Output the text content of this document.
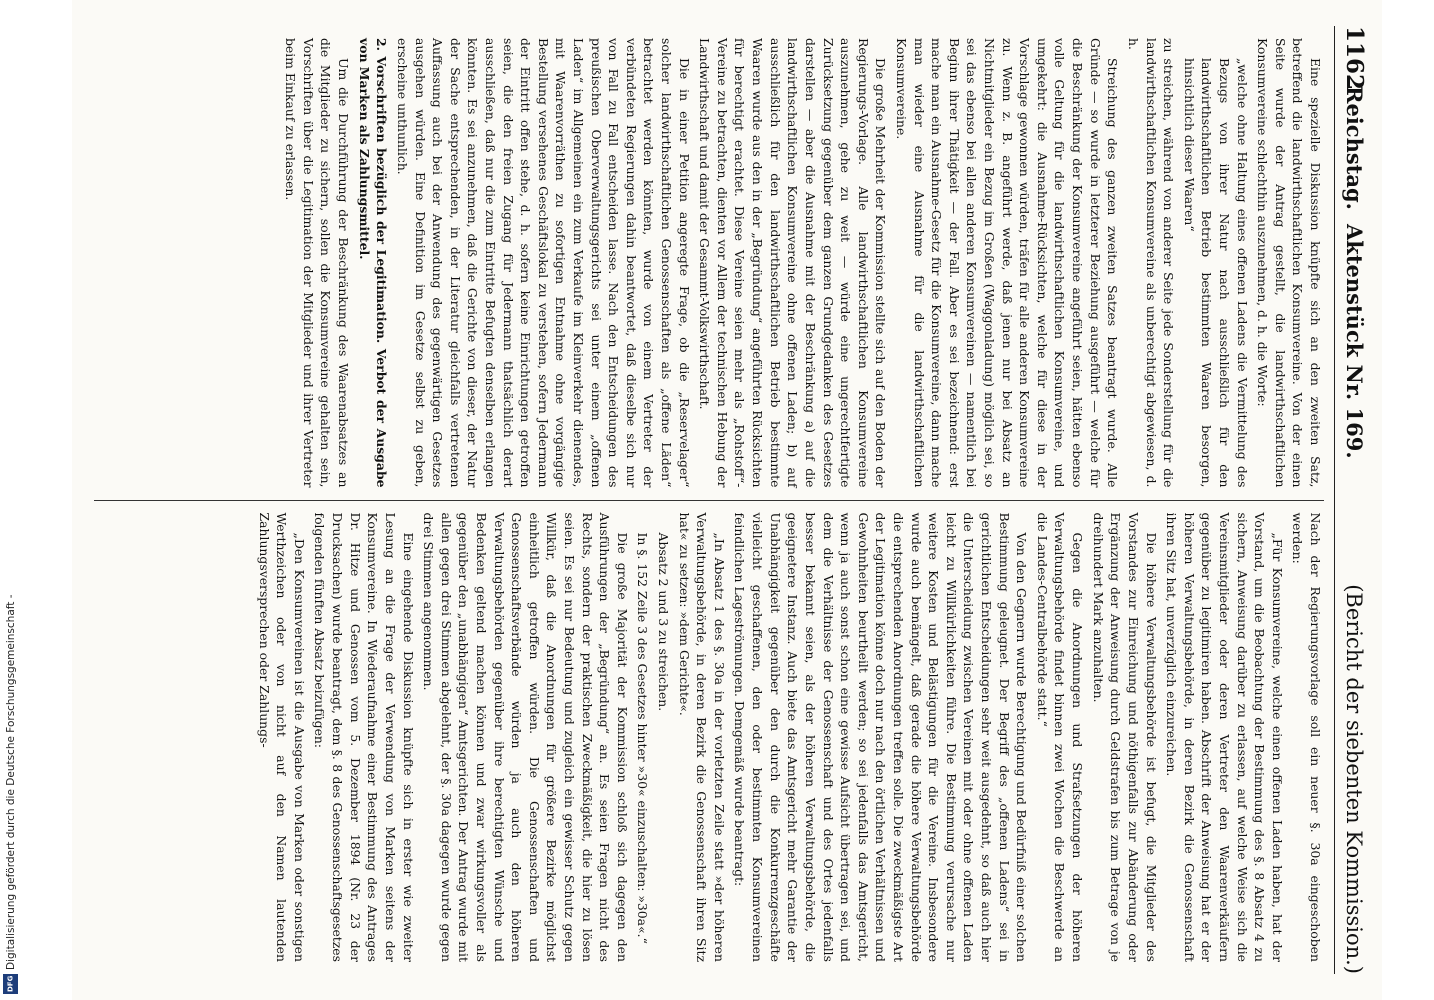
Digitalisierung gefördert durch die Deutsche Forschungsgemeinschaft -
DFG
1162
Reichstag.
Aktenstück Nr. 169.
(Bericht der siebenten Kommission.)

Eine spezielle Diskussion knüpfte sich an den zweiten Satz, betreffend die landwirthschaftlichen Konsumvereine. Von der einen Seite wurde der Antrag gestellt, die landwirthschaftlichen Konsumvereine schlechthin auszunehmen, d. h. die Worte:

„welche ohne Haltung eines offenen Ladens die Vermittelung des Bezugs von ihrer Natur nach ausschließlich für den landwirthschaftlichen Betrieb bestimmten Waaren besorgen, hinsichtlich dieser Waaren“

zu streichen, während von anderer Seite jede Sonderstellung für die landwirthschaftlichen Konsumvereine als unberechtigt abgewiesen, d. h.

Streichung des ganzen zweiten Satzes beantragt wurde. Alle Gründe — so wurde in letzterer Beziehung ausgeführt — welche für die Beschränkung der Konsumvereine angeführt seien, hätten ebenso volle Geltung für die landwirthschaftlichen Konsumvereine, und umgekehrt: die Ausnahme-Rücksichten, welche für diese in der Vorschlage gewonnen würden, träfen für alle anderen Konsumvereine zu. Wenn z. B. angeführt werde, daß jenen nur bei Absatz an Nichtmitglieder ein Bezug im Großen (Waggonladung) möglich sei, so sei das ebenso bei allen anderen Konsumvereinen — namentlich bei Beginn ihrer Thätigkeit — der Fall. Aber es sei bezeichnend: erst mache man ein Ausnahme-Gesetz für die Konsumvereine, dann mache man wieder eine Ausnahme für die landwirthschaftlichen Konsumvereine.

Die große Mehrheit der Kommission stellte sich auf den Boden der Regierungs-Vorlage. Alle landwirthschaftlichen Konsumvereine auszunehmen, gehe zu weit — würde eine ungerechtfertigte Zurücksetzung gegenüber dem ganzen Grundgedanken des Gesetzes darstellen — aber die Ausnahme mit der Beschränkung a) auf die landwirthschaftlichen Konsumvereine ohne offenen Laden; b) auf ausschließlich für den landwirthschaftlichen Betrieb bestimmte Waaren wurde aus den in der „Begründung“ angeführten Rücksichten für berechtigt erachtet. Diese Vereine seien mehr als „Rohstoff“-Vereine zu betrachten, dienten vor Allem der technischen Hebung der Landwirthschaft und damit der Gesammt-Volkswirthschaft.

Die in einer Petition angeregte Frage, ob die „Reservelager“ solcher landwirthschaftlichen Genossenschaften als „offene Läden“ betrachtet werden könnten, wurde von einem Vertreter der verbündeten Regierungen dahin beantwortet, daß dieselbe sich nur von Fall zu Fall entscheiden lasse. Nach den Entscheidungen des preußischen Oberverwaltungsgerichts sei unter einem „offenen Laden“ im Allgemeinen ein zum Verkaufe im Kleinverkehr dienendes, mit Waarenvorräthen zu sofortigen Entnahme ohne vorgängige Bestellung versehenes Geschäftslokal zu verstehen, sofern Jedermann der Eintritt offen stehe, d. h. sofern keine Einrichtungen getroffen seien, die den freien Zugang für Jedermann thatsächlich derart ausschließen, daß nur die zum Eintritte Befugten denselben erlangen könnten. Es sei anzunehmen, daß die Gerichte von dieser, der Natur der Sache entsprechenden, in der Literatur gleichfalls vertretenen Auffassung auch bei der Anwendung des gegenwärtigen Gesetzes ausgehen würden. Eine Definition im Gesetze selbst zu geben, erscheine unthunlich.

2. Vorschriften bezüglich der Legitimation. Verbot der Ausgabe von Marken als Zahlungsmittel.

Um die Durchführung der Beschränkung des Waarenabsatzes an die Mitglieder zu sichern, sollen die Konsumvereine gehalten sein, Vorschriften über die Legitimation der Mitglieder und ihrer Vertreter beim Einkauf zu erlassen.

Nach der Regierungsvorlage soll ein neuer §. 30a eingeschoben werden:

„Für Konsumvereine, welche einen offenen Laden haben, hat der Vorstand, um die Beobachtung der Bestimmung des §. 8 Absatz 4 zu sichern, Anweisung darüber zu erlassen, auf welche Weise sich die Vereinsmitglieder oder deren Vertreter den Waarenverkäufern gegenüber zu legitimiren haben. Abschrift der Anweisung hat er der höheren Verwaltungsbehörde, in deren Bezirk die Genossenschaft ihren Sitz hat, unverzüglich einzureichen.

Die höhere Verwaltungsbehörde ist befugt, die Mitglieder des Vorstandes zur Einreichung und nöthigenfalls zur Abänderung oder Ergänzung der Anweisung durch Geldstrafen bis zum Betrage von je dreihundert Mark anzuhalten.

Gegen die Anordnungen und Strafsetzungen der höheren Verwaltungsbehörde findet binnen zwei Wochen die Beschwerde an die Landes-Centralbehörde statt.“

Von den Gegnern wurde Berechtigung und Bedürfniß einer solchen Bestimmung geleugnet. Der Begriff des „offenen Ladens“ sei in gerichtlichen Entscheidungen sehr weit ausgedehnt, so daß auch hier die Unterscheidung zwischen Vereinen mit oder ohne offenen Laden leicht zu Willkürlichkeiten führe. Die Bestimmung verursache nur weitere Kosten und Belästigungen für die Vereine. Insbesondere wurde auch bemängelt, daß gerade die höhere Verwaltungsbehörde die entsprechenden Anordnungen treffen solle. Die zweckmäßigste Art der Legitimation könne doch nur nach den örtlichen Verhältnissen und Gewohnheiten beurtheilt werden; so sei jedenfalls das Amtsgericht, wenn ja auch sonst schon eine gewisse Aufsicht übertragen sei, und dem die Verhältnisse der Genossenschaft und des Ortes jedenfalls besser bekannt seien, als der höheren Verwaltungsbehörde, die geeignetere Instanz. Auch biete das Amtsgericht mehr Garantie der Unabhängigkeit gegenüber den durch die Konkurrenzgeschäfte vielleicht geschaffenen, den oder bestimmten Konsumvereinen feindlichen Lageströmungen. Demgemäß wurde beantragt:

„In Absatz 1 des §. 30a in der vorletzten Zeile statt »der höheren Verwaltungsbehörde, in deren Bezirk die Genossenschaft ihren Sitz hat« zu setzen: »dem Gerichte«.

Absatz 2 und 3 zu streichen.

In §. 152 Zeile 3 des Gesetzes hinter »30« einzuschalten: »30a«.“

Die große Majorität der Kommission schloß sich dagegen den Ausführungen der „Begründung“ an. Es seien Fragen nicht des Rechts, sondern der praktischen Zweckmäßigkeit, die hier zu lösen seien. Es sei nur Bedeutung und zugleich ein gewisser Schutz gegen Willkür, daß die Anordnungen für größere Bezirke möglichst einheitlich getroffen würden. Die Genossenschaften und Genossenschaftsverbände würden ja auch den höheren Verwaltungsbehörden gegenüber ihre berechtigten Wünsche und Bedenken geltend machen können und zwar wirkungsvoller als gegenüber den „unabhängigen“ Amtsgerichten. Der Antrag wurde mit allen gegen drei Stimmen abgelehnt, der §. 30a dagegen wurde gegen drei Stimmen angenommen.

Eine eingehende Diskussion knüpfte sich in erster wie zweiter Lesung an die Frage der Verwendung von Marken seitens der Konsumvereine. In Wiederaufnahme einer Bestimmung des Antrages Dr. Hitze und Genossen vom 5. Dezember 1894 (Nr. 23 der Drucksachen) wurde beantragt, dem §. 8 des Genossenschaftsgesetzes folgenden fünften Absatz beizufügen:

„Den Konsumvereinen ist die Ausgabe von Marken oder sonstigen Werthzeichen oder von nicht auf den Namen lautenden Zahlungsversprechen oder Zahlungs-
